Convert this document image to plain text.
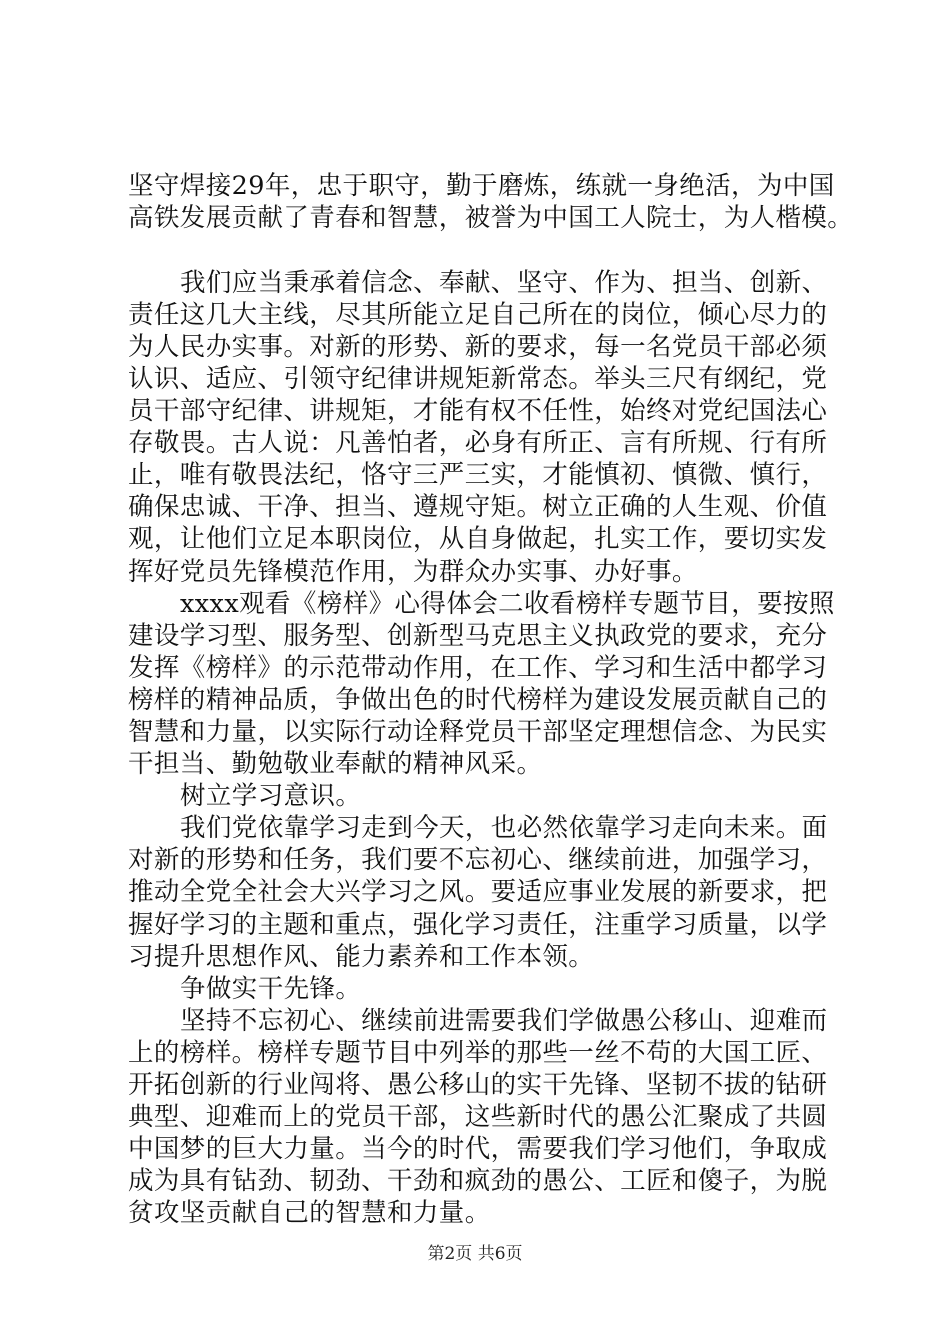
坚守焊接29年，忠于职守，勤于磨炼，练就一身绝活，为中国
高铁发展贡献了青春和智慧，被誉为中国工人院士，为人楷模。
我们应当秉承着信念、奉献、坚守、作为、担当、创新、
责任这几大主线，尽其所能立足自己所在的岗位，倾心尽力的
为人民办实事。对新的形势、新的要求，每一名党员干部必须
认识、适应、引领守纪律讲规矩新常态。举头三尺有纲纪，党
员干部守纪律、讲规矩，才能有权不任性，始终对党纪国法心
存敬畏。古人说：凡善怕者，必身有所正、言有所规、行有所
止，唯有敬畏法纪，恪守三严三实，才能慎初、慎微、慎行，
确保忠诚、干净、担当、遵规守矩。树立正确的人生观、价值
观，让他们立足本职岗位，从自身做起，扎实工作，要切实发
挥好党员先锋模范作用，为群众办实事、办好事。
xxxx观看《榜样》心得体会二收看榜样专题节目，要按照
建设学习型、服务型、创新型马克思主义执政党的要求，充分
发挥《榜样》的示范带动作用，在工作、学习和生活中都学习
榜样的精神品质，争做出色的时代榜样为建设发展贡献自己的
智慧和力量，以实际行动诠释党员干部坚定理想信念、为民实
干担当、勤勉敬业奉献的精神风采。
树立学习意识。
我们党依靠学习走到今天，也必然依靠学习走向未来。面
对新的形势和任务，我们要不忘初心、继续前进，加强学习，
推动全党全社会大兴学习之风。要适应事业发展的新要求，把
握好学习的主题和重点，强化学习责任，注重学习质量，以学
习提升思想作风、能力素养和工作本领。
争做实干先锋。
坚持不忘初心、继续前进需要我们学做愚公移山、迎难而
上的榜样。榜样专题节目中列举的那些一丝不苟的大国工匠、
开拓创新的行业闯将、愚公移山的实干先锋、坚韧不拔的钻研
典型、迎难而上的党员干部，这些新时代的愚公汇聚成了共圆
中国梦的巨大力量。当今的时代，需要我们学习他们，争取成
成为具有钻劲、韧劲、干劲和疯劲的愚公、工匠和傻子，为脱
贫攻坚贡献自己的智慧和力量。
第2页 共6页
